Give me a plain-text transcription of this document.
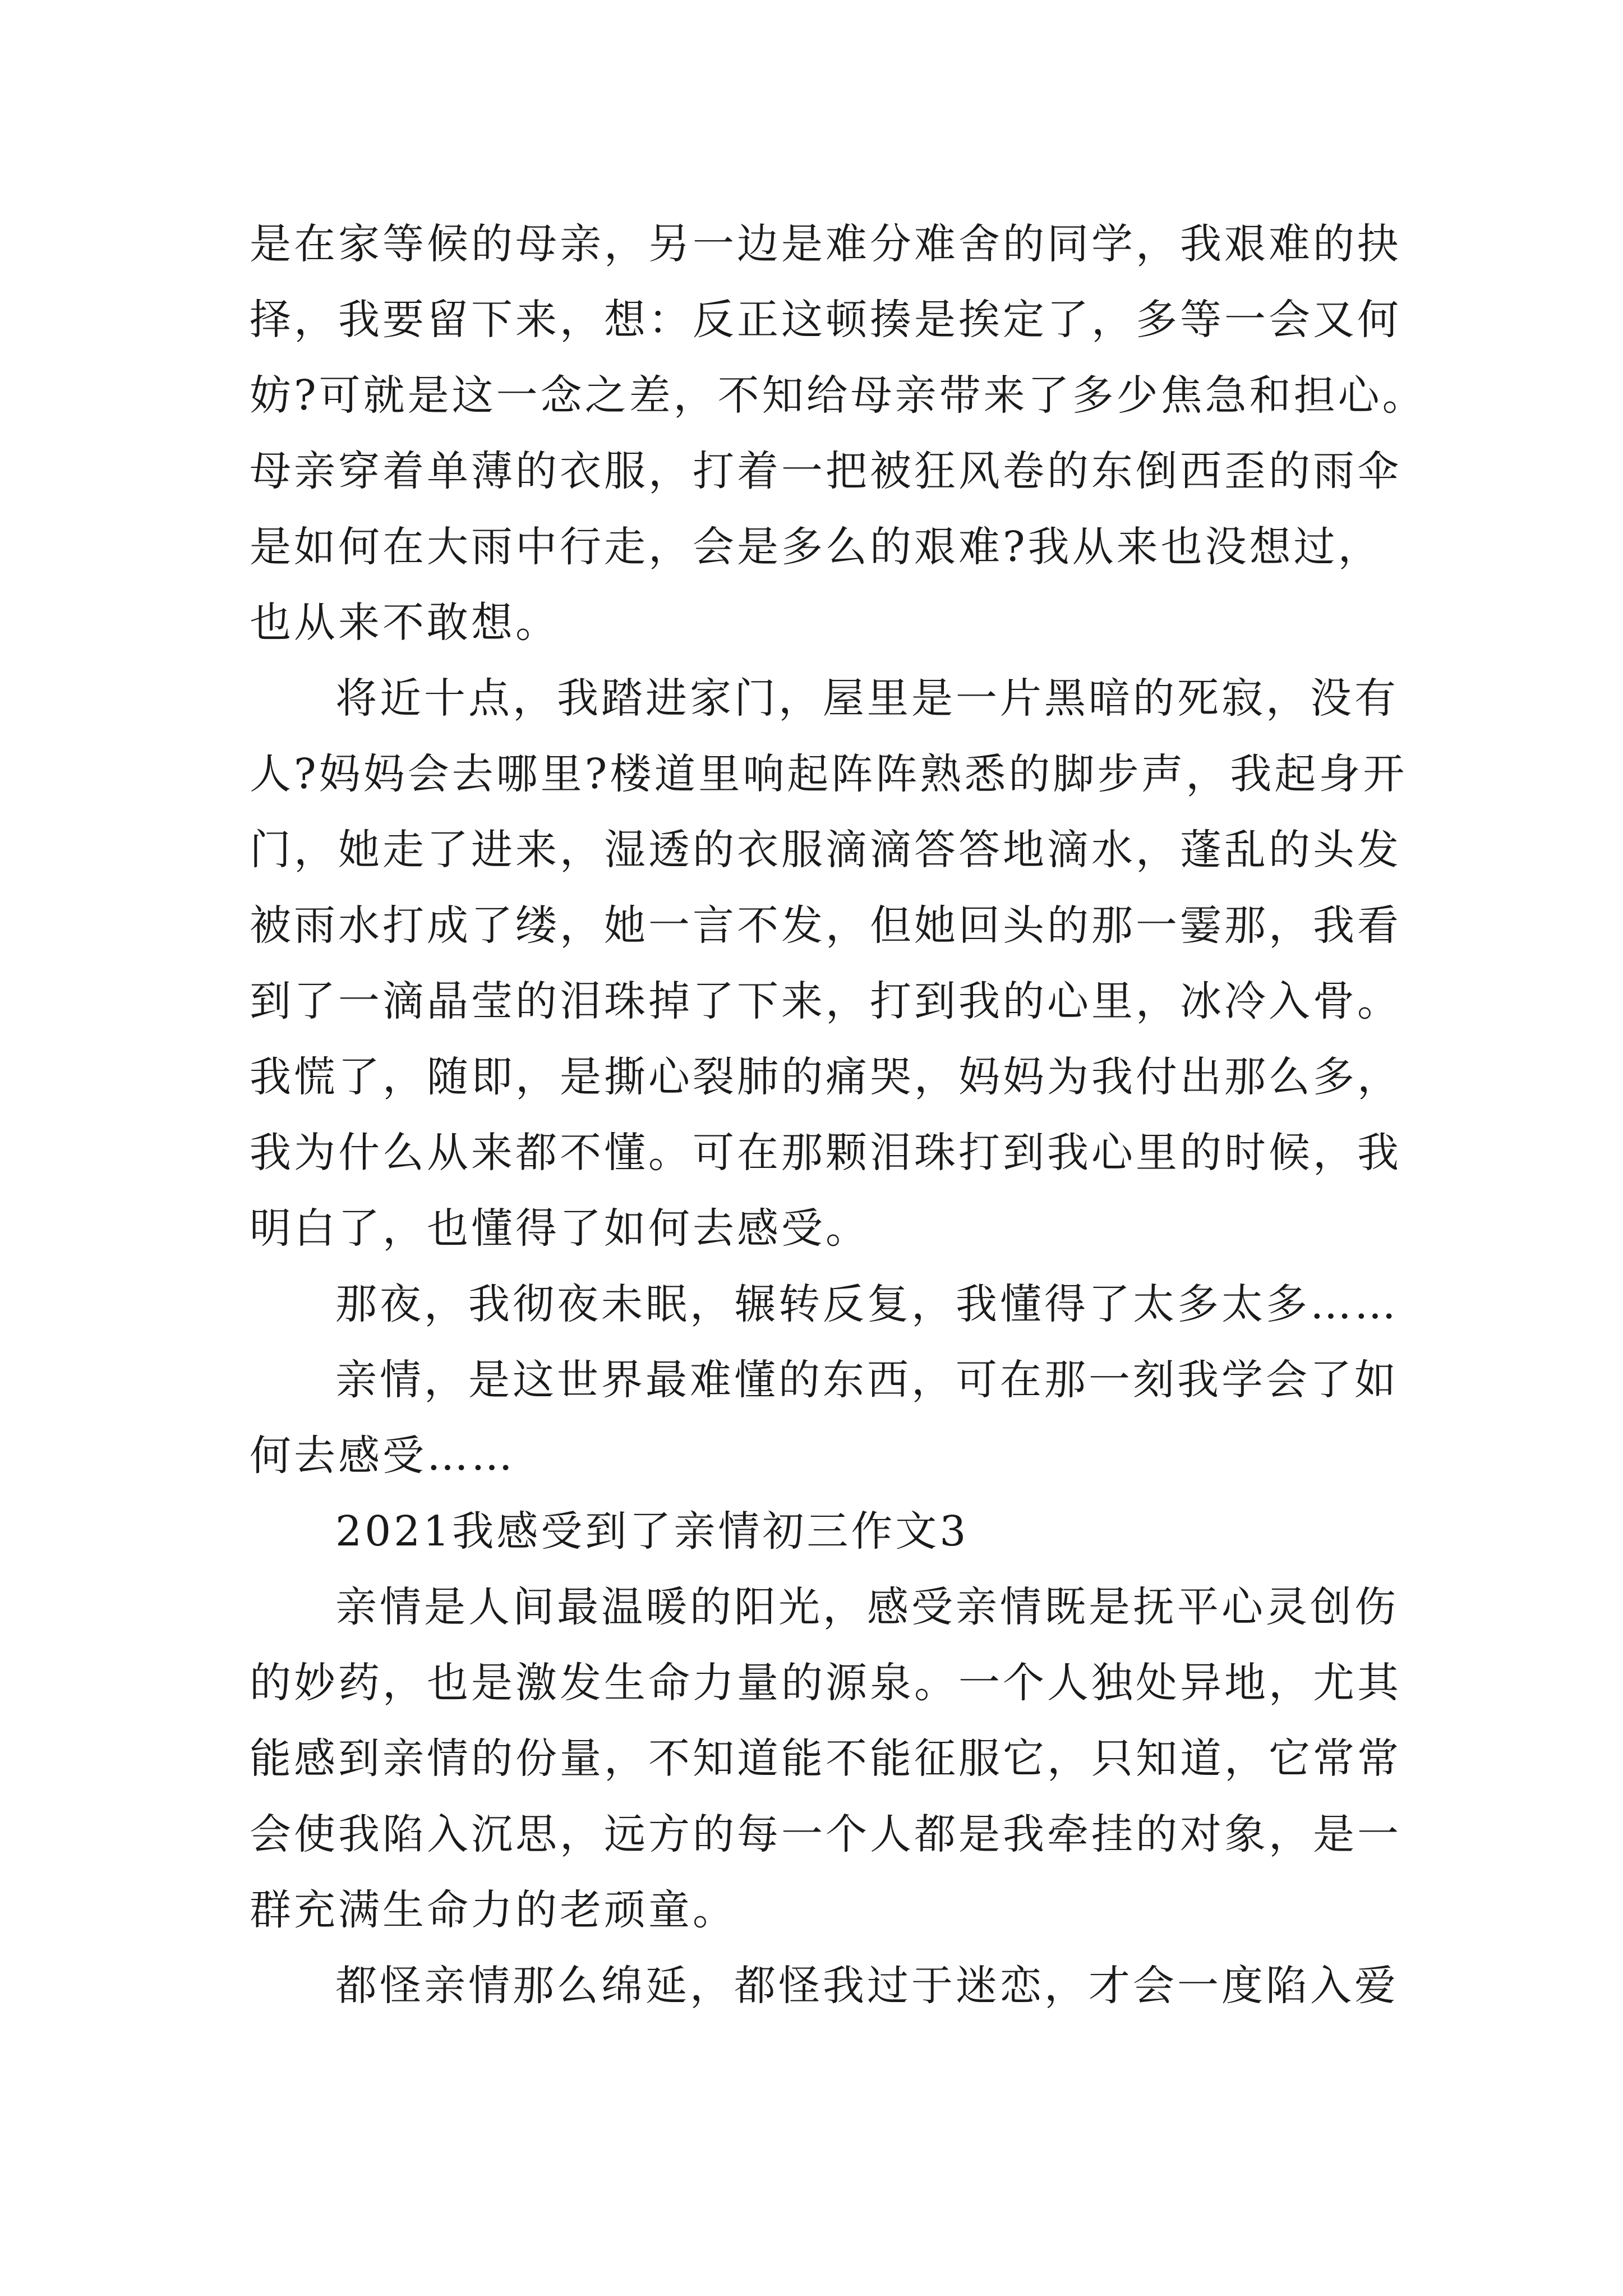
是在家等候的母亲，另一边是难分难舍的同学，我艰难的抉
择，我要留下来，想：反正这顿揍是挨定了，多等一会又何
妨?可就是这一念之差，不知给母亲带来了多少焦急和担心。
母亲穿着单薄的衣服，打着一把被狂风卷的东倒西歪的雨伞
是如何在大雨中行走，会是多么的艰难?我从来也没想过，
也从来不敢想。
将近十点，我踏进家门，屋里是一片黑暗的死寂，没有
人?妈妈会去哪里?楼道里响起阵阵熟悉的脚步声，我起身开
门，她走了进来，湿透的衣服滴滴答答地滴水，蓬乱的头发
被雨水打成了缕，她一言不发，但她回头的那一霎那，我看
到了一滴晶莹的泪珠掉了下来，打到我的心里，冰冷入骨。
我慌了，随即，是撕心裂肺的痛哭，妈妈为我付出那么多，
我为什么从来都不懂。可在那颗泪珠打到我心里的时候，我
明白了，也懂得了如何去感受。
那夜，我彻夜未眠，辗转反复，我懂得了太多太多……
亲情，是这世界最难懂的东西，可在那一刻我学会了如
何去感受……
2021我感受到了亲情初三作文3
亲情是人间最温暖的阳光，感受亲情既是抚平心灵创伤
的妙药，也是激发生命力量的源泉。一个人独处异地，尤其
能感到亲情的份量，不知道能不能征服它，只知道，它常常
会使我陷入沉思，远方的每一个人都是我牵挂的对象，是一
群充满生命力的老顽童。
都怪亲情那么绵延，都怪我过于迷恋，才会一度陷入爱
